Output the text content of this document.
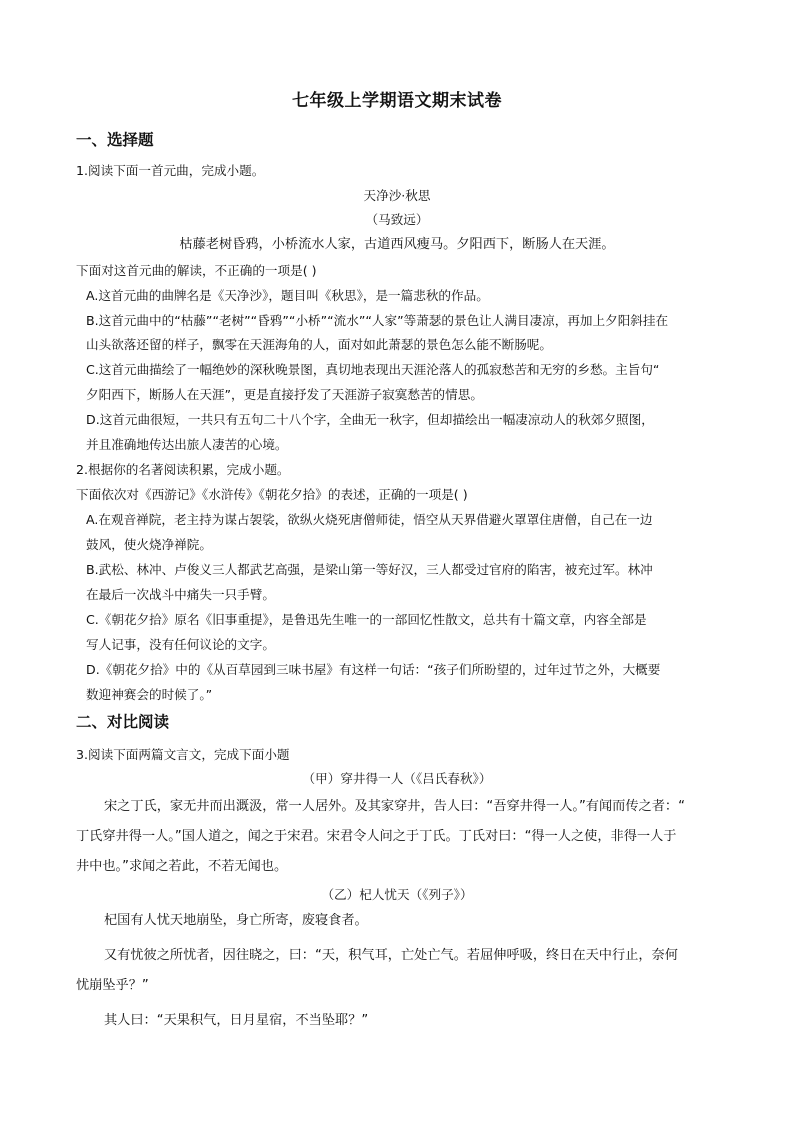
七年级上学期语文期末试卷
一、选择题
1.阅读下面一首元曲，完成小题。
天净沙·秋思
（马致远）
枯藤老树昏鸦，小桥流水人家，古道西风瘦马。夕阳西下，断肠人在天涯。
下面对这首元曲的解读，不正确的一项是( )
A.这首元曲的曲牌名是《天净沙》，题目叫《秋思》，是一篇悲秋的作品。
B.这首元曲中的“枯藤”“老树”“昏鸦”“小桥”“流水”“人家”等萧瑟的景色让人满目凄凉，再加上夕阳斜挂在
山头欲落还留的样子，飘零在天涯海角的人，面对如此萧瑟的景色怎么能不断肠呢。
C.这首元曲描绘了一幅绝妙的深秋晚景图，真切地表现出天涯沦落人的孤寂愁苦和无穷的乡愁。主旨句“
夕阳西下，断肠人在天涯”，更是直接抒发了天涯游子寂寞愁苦的情思。
D.这首元曲很短，一共只有五句二十八个字，全曲无一秋字，但却描绘出一幅凄凉动人的秋郊夕照图，
并且准确地传达出旅人凄苦的心境。
2.根据你的名著阅读积累，完成小题。
下面依次对《西游记》《水浒传》《朝花夕拾》的表述，正确的一项是( )
A.在观音禅院，老主持为谋占袈裟，欲纵火烧死唐僧师徒，悟空从天界借避火罩罩住唐僧，自己在一边
鼓风，使火烧净禅院。
B.武松、林冲、卢俊义三人都武艺高强，是梁山第一等好汉，三人都受过官府的陷害，被充过军。林冲
在最后一次战斗中痛失一只手臂。
C.《朝花夕拾》原名《旧事重提》，是鲁迅先生唯一的一部回忆性散文，总共有十篇文章，内容全部是
写人记事，没有任何议论的文字。
D.《朝花夕拾》中的《从百草园到三味书屋》有这样一句话：“孩子们所盼望的，过年过节之外，大概要
数迎神赛会的时候了。”
二、对比阅读
3.阅读下面两篇文言文，完成下面小题
（甲）穿井得一人（《吕氏春秋》）
宋之丁氏，家无井而出溉汲，常一人居外。及其家穿井，告人曰：“吾穿井得一人。”有闻而传之者：“
丁氏穿井得一人。”国人道之，闻之于宋君。宋君令人问之于丁氏。丁氏对曰：“得一人之使，非得一人于
井中也。”求闻之若此，不若无闻也。
（乙）杞人忧天（《列子》）
杞国有人忧天地崩坠，身亡所寄，废寝食者。
又有忧彼之所忧者，因往晓之，曰：“天，积气耳，亡处亡气。若屈伸呼吸，终日在天中行止，奈何
忧崩坠乎？”
其人曰：“天果积气，日月星宿，不当坠耶？”
